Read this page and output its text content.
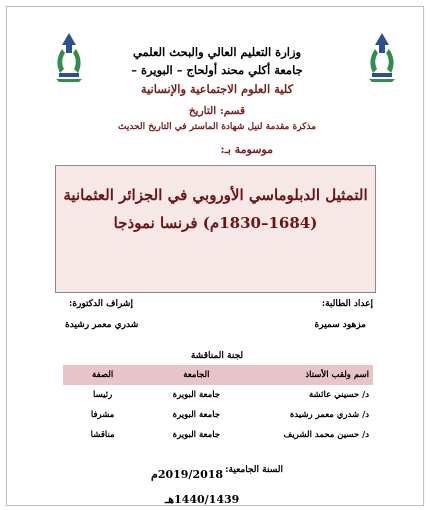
وزارة التعليم العالي والبحث العلمي
جامعة أكلي محند أولحاج – البويرة –
كلية العلوم الاجتماعية والإنسانية
قسم: التاريخ
مذكرة مقدمة لنيل شهادة الماستر في التاريخ الحديث
موسومة بـ:
التمثيل الدبلوماسي الأوروبي في الجزائر العثمانية
(1684–1830م) فرنسا نموذجا
إعداد الطالبة:
إشراف الدكتورة:
مزهود سميرة
شدري معمر رشيدة
لجنة المناقشة
اسم ولقب الأستاذ	الجامعة	الصفة
د/ حسيني عائشة	جامعة البويرة	رئيسا
د/ شدري معمر رشيدة	جامعة البويرة	مشرفا
د/ حسين محمد الشريف	جامعة البويرة	مناقشا
السنة الجامعية:
2019/2018م
1440/1439هـ
